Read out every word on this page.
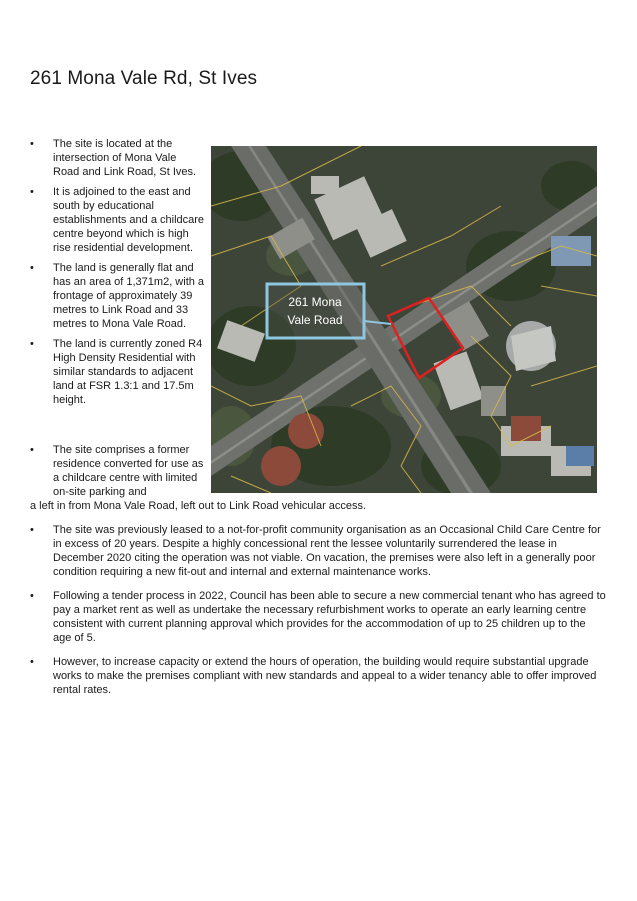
261 Mona Vale Rd, St Ives
• The site is located at the intersection of Mona Vale Road and Link Road, St Ives.
• It is adjoined to the east and south by educational establishments and a childcare centre beyond which is high rise residential development.
• The land is generally flat and has an area of 1,371m2, with a frontage of approximately 39 metres to Link Road and 33 metres to Mona Vale Road.
• The land is currently zoned R4 High Density Residential with similar standards to adjacent land at FSR 1.3:1 and 17.5m height.
261 Mona
Vale Road
• The site comprises a former residence converted for use as a childcare centre with limited on-site parking and
a left in from Mona Vale Road, left out to Link Road vehicular access.
• The site was previously leased to a not-for-profit community organisation as an Occasional Child Care Centre for in excess of 20 years. Despite a highly concessional rent the lessee voluntarily surrendered the lease in December 2020 citing the operation was not viable. On vacation, the premises were also left in a generally poor condition requiring a new fit-out and internal and external maintenance works.
• Following a tender process in 2022, Council has been able to secure a new commercial tenant who has agreed to pay a market rent as well as undertake the necessary refurbishment works to operate an early learning centre consistent with current planning approval which provides for the accommodation of up to 25 children up to the age of 5.
• However, to increase capacity or extend the hours of operation, the building would require substantial upgrade works to make the premises compliant with new standards and appeal to a wider tenancy able to offer improved rental rates.
